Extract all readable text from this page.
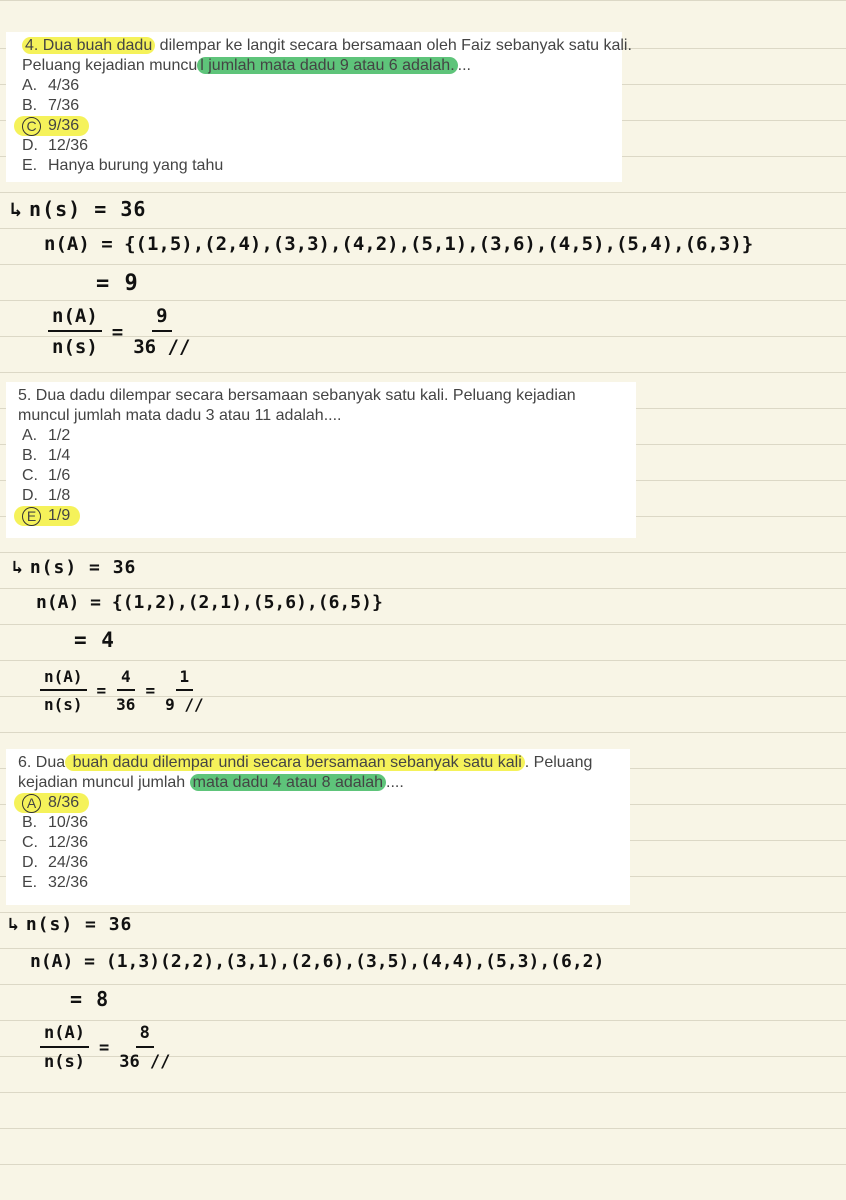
4. Dua buah dadu dilempar ke langit secara bersamaan oleh Faiz sebanyak satu kali.
Peluang kejadian muncu l jumlah mata dadu 9 atau 6 adalah. ...
A. 4/36
B. 7/36
C 9/36
D. 12/36
E. Hanya burung yang tahu
↳ n(s) = 36
n(A) = {(1,5),(2,4),(3,3),(4,2),(5,1),(3,6),(4,5),(5,4),(6,3)}
= 9
$\frac{n(A)}{n(s)} = \frac{9}{36 //}$
5. Dua dadu dilempar secara bersamaan sebanyak satu kali. Peluang kejadian
muncul jumlah mata dadu 3 atau 11 adalah....
A. 1/2
B. 1/4
C. 1/6
D. 1/8
E 1/9
↳ n(s) = 36
n(A) = {(1,2),(2,1),(5,6),(6,5)}
= 4
$\frac{n(A)}{n(s)} = \frac{4}{36} = \frac{1}{9 //}$
6. Dua buah dadu dilempar undi secara bersamaan sebanyak satu kali . Peluang
kejadian muncul jumlah mata dadu 4 atau 8 adalah ....
A 8/36
B. 10/36
C. 12/36
D. 24/36
E. 32/36
↳ n(s) = 36
n(A) = (1,3)(2,2),(3,1),(2,6),(3,5),(4,4),(5,3),(6,2)
= 8
$\frac{n(A)}{n(s)} = \frac{8}{36 //}$
